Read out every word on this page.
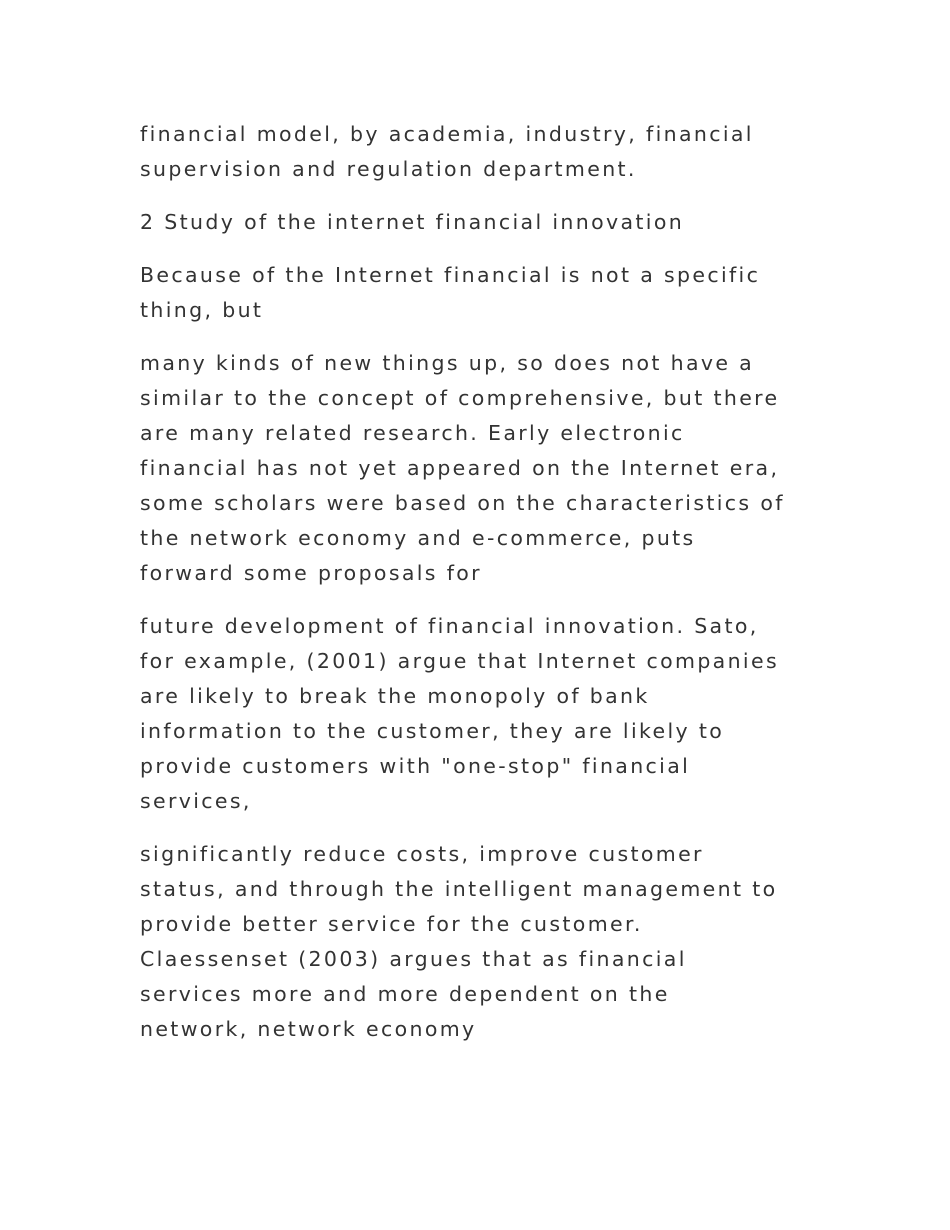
financial model, by academia, industry, financial
supervision and regulation department.

2 Study of the internet financial innovation

Because of the Internet financial is not a specific
thing, but

many kinds of new things up, so does not have a
similar to the concept of comprehensive, but there
are many related research. Early electronic
financial has not yet appeared on the Internet era,
some scholars were based on the characteristics of
the network economy and e-commerce, puts
forward some proposals for

future development of financial innovation. Sato,
for example, (2001) argue that Internet companies
are likely to break the monopoly of bank
information to the customer, they are likely to
provide customers with "one-stop" financial
services,

significantly reduce costs, improve customer
status, and through the intelligent management to
provide better service for the customer.
Claessenset (2003) argues that as financial
services more and more dependent on the
network, network economy
